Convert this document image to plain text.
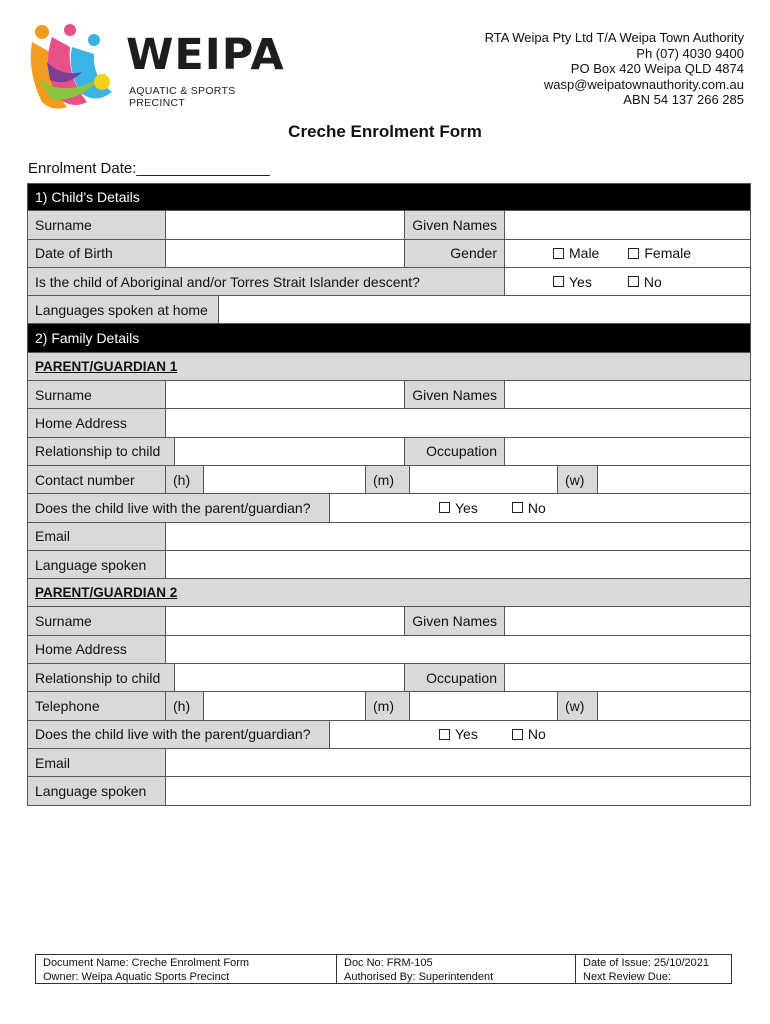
WEIPA
AQUATIC & SPORTS PRECINCT
RTA Weipa Pty Ltd T/A Weipa Town Authority
Ph (07) 4030 9400
PO Box 420 Weipa QLD 4874
wasp@weipatownauthority.com.au
ABN 54 137 266 285
Creche Enrolment Form
Enrolment Date:________________
1) Child’s Details
Surname	Given Names
Date of Birth	Gender	Male	Female
Is the child of Aboriginal and/or Torres Strait Islander descent?	Yes	No
Languages spoken at home
2) Family Details
PARENT/GUARDIAN 1
Surname	Given Names
Home Address
Relationship to child	Occupation
Contact number	(h)	(m)	(w)
Does the child live with the parent/guardian?	Yes	No
Email
Language spoken
PARENT/GUARDIAN 2
Surname	Given Names
Home Address
Relationship to child	Occupation
Telephone	(h)	(m)	(w)
Does the child live with the parent/guardian?	Yes	No
Email
Language spoken
Document Name: Creche Enrolment Form
Owner: Weipa Aquatic Sports Precinct
Doc No: FRM-105
Authorised By: Superintendent
Date of Issue: 25/10/2021
Next Review Due:
